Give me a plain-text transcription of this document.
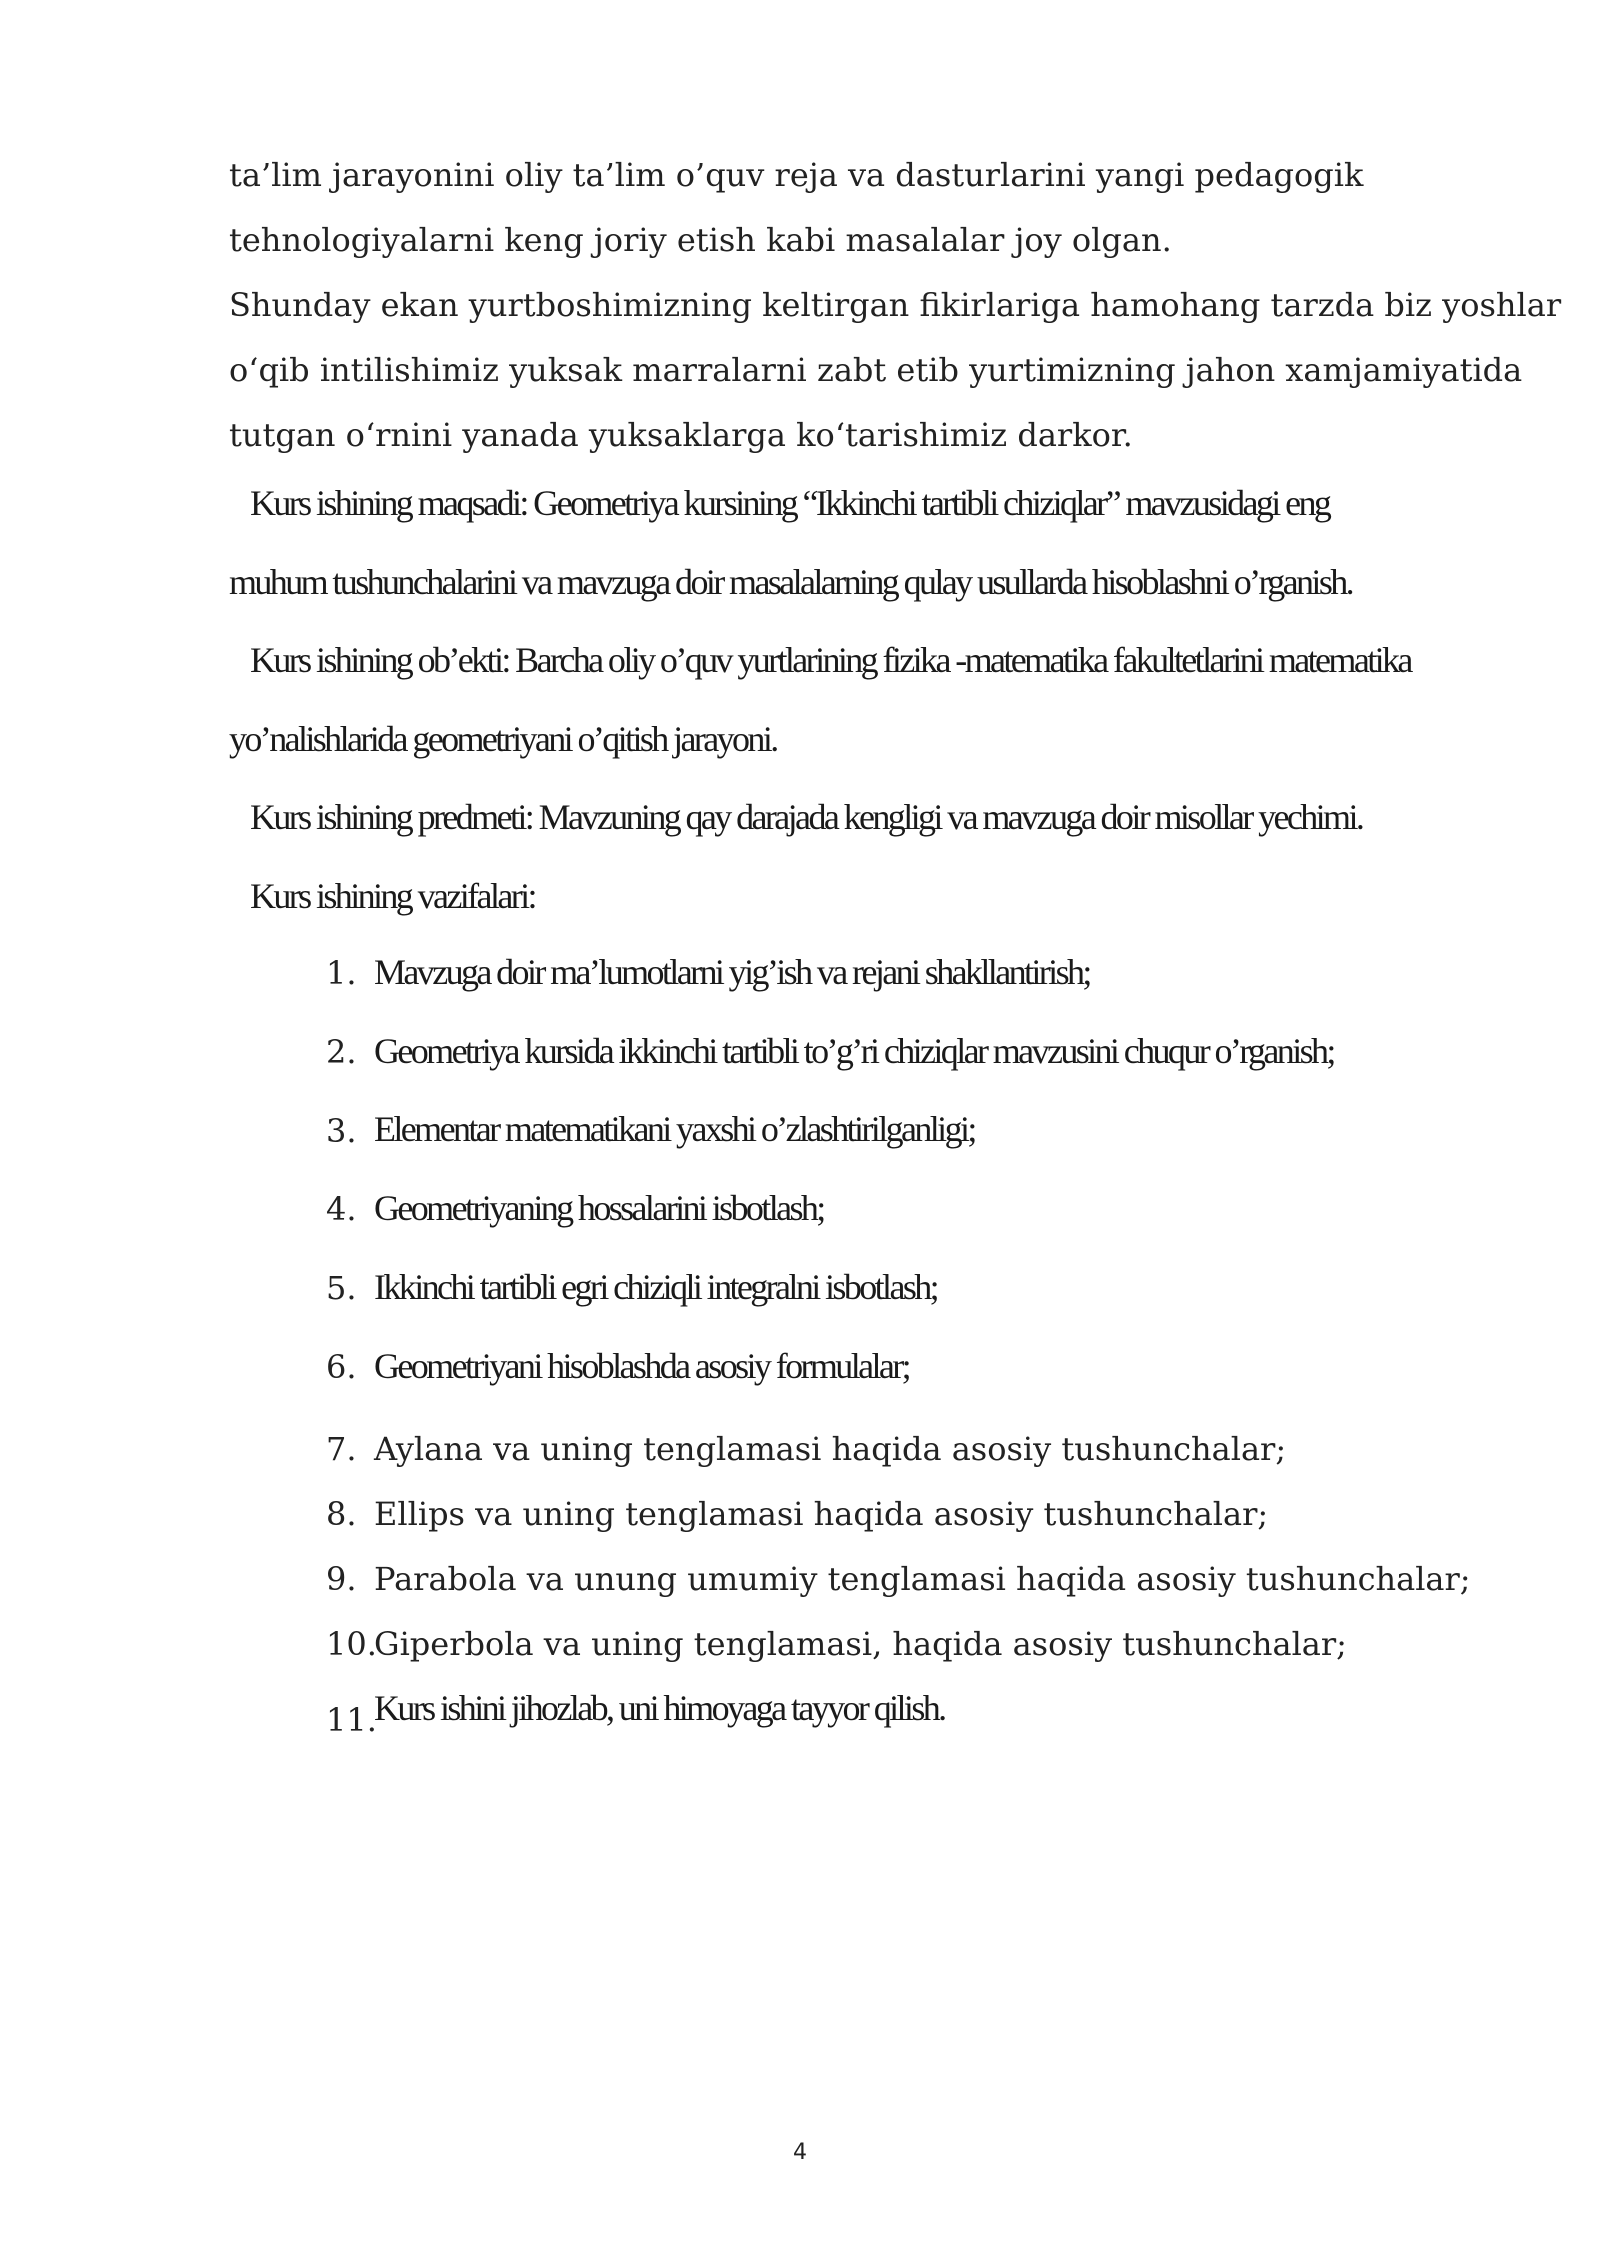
ta’lim jarayonini oliy ta’lim o’quv reja va dasturlarini yangi pedagogik

tehnologiyalarni keng joriy etish kabi masalalar joy olgan.

Shunday ekan yurtboshimizning keltirgan fikirlariga hamohang tarzda biz yoshlar

o‘qib intilishimiz yuksak marralarni zabt etib yurtimizning jahon xamjamiyatida

tutgan o‘rnini yanada yuksaklarga ko‘tarishimiz darkor.

Kurs ishining maqsadi: Geometriya kursining “Ikkinchi tartibli chiziqlar” mavzusidagi eng

muhum tushunchalarini va mavzuga doir masalalarning qulay usullarda hisoblashni o’rganish.

Kurs ishining ob’ekti: Barcha oliy o’quv yurtlarining fizika -matematika fakultetlarini matematika

yo’nalishlarida geometriyani o’qitish jarayoni.

Kurs ishining predmeti: Mavzuning qay darajada kengligi va mavzuga doir misollar yechimi.

Kurs ishining vazifalari:

1. Mavzuga doir ma’lumotlarni yig’ish va rejani shakllantirish;
2. Geometriya kursida ikkinchi tartibli to’g’ri chiziqlar mavzusini chuqur o’rganish;
3. Elementar matematikani yaxshi o’zlashtirilganligi;
4. Geometriyaning hossalarini isbotlash;
5. Ikkinchi tartibli egri chiziqli integralni isbotlash;
6. Geometriyani hisoblashda asosiy formulalar;
7. Aylana va uning tenglamasi haqida asosiy tushunchalar;
8. Ellips va uning tenglamasi haqida asosiy tushunchalar;
9. Parabola va unung umumiy tenglamasi haqida asosiy tushunchalar;
10.
Giperbola va uning tenglamasi, haqida asosiy tushunchalar;
11.
Kurs ishini jihozlab, uni himoyaga tayyor qilish.
4
